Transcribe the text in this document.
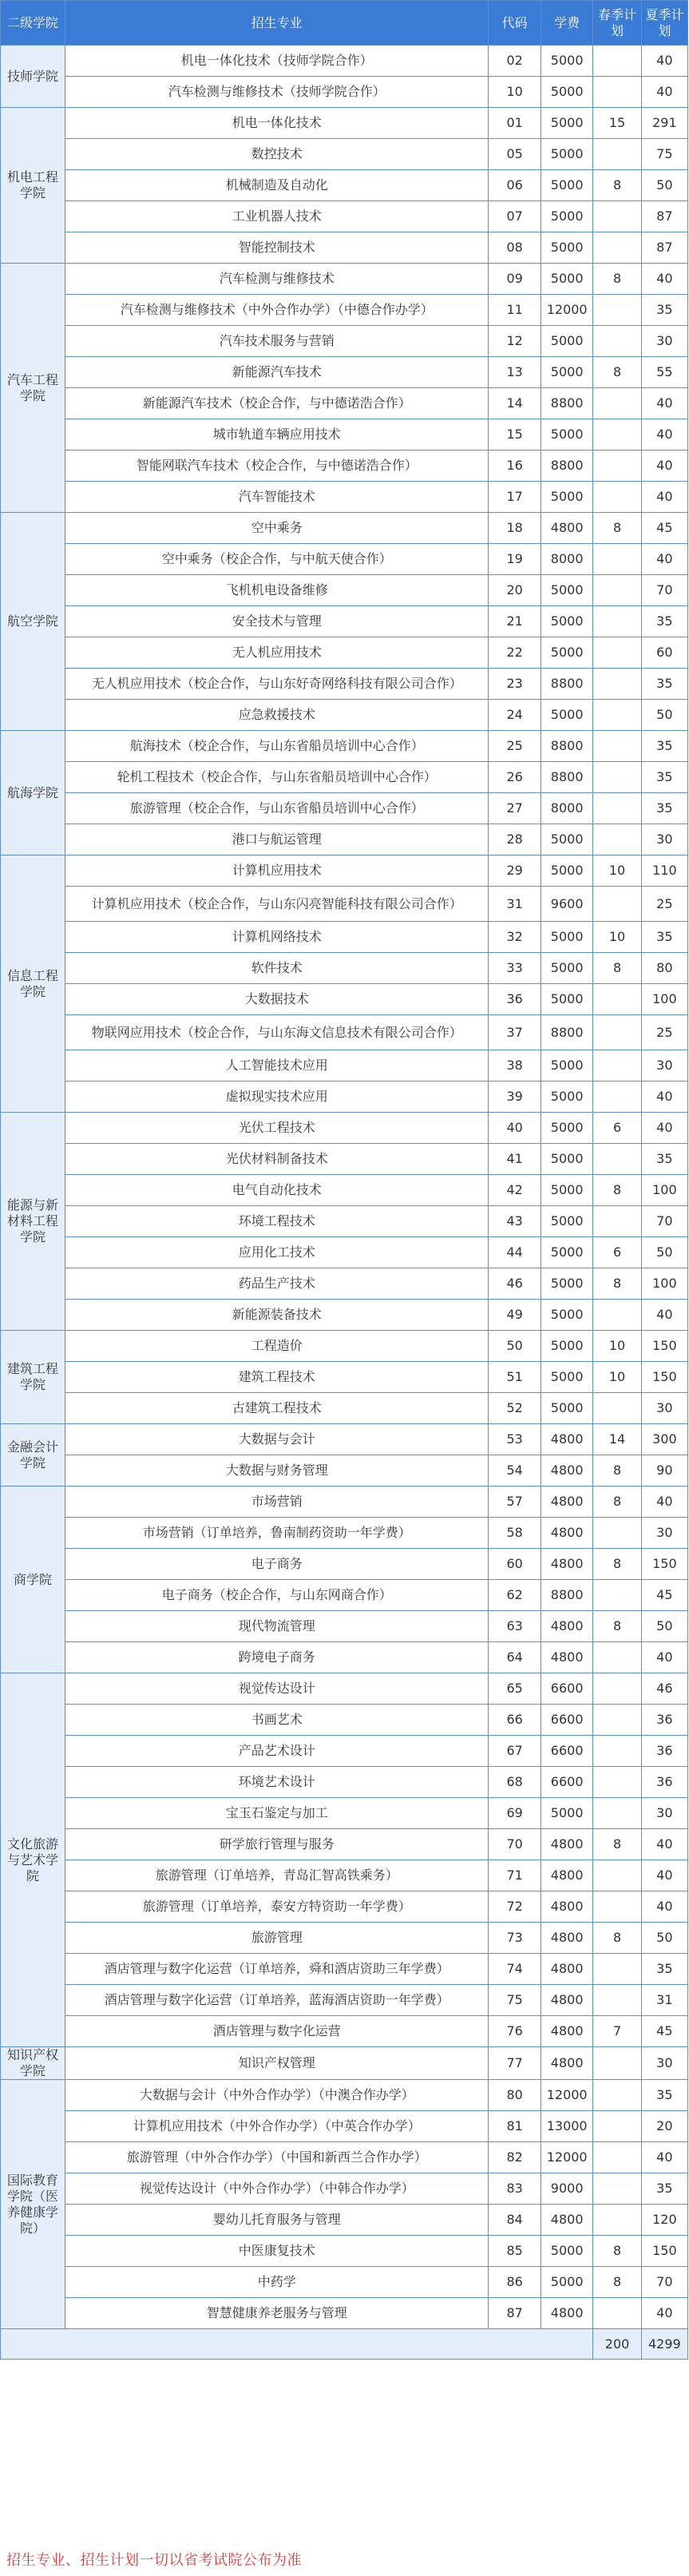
二级学院	招生专业	代码	学费	春季计划	夏季计划
技师学院	机电一体化技术（技师学院合作）	02	5000		40
	汽车检测与维修技术（技师学院合作）	10	5000		40
机电工程学院	机电一体化技术	01	5000	15	291
	数控技术	05	5000		75
	机械制造及自动化	06	5000	8	50
	工业机器人技术	07	5000		87
	智能控制技术	08	5000		87
汽车工程学院	汽车检测与维修技术	09	5000	8	40
	汽车检测与维修技术（中外合作办学）（中德合作办学）	11	12000		35
	汽车技术服务与营销	12	5000		30
	新能源汽车技术	13	5000	8	55
	新能源汽车技术（校企合作，与中德诺浩合作）	14	8800		40
	城市轨道车辆应用技术	15	5000		40
	智能网联汽车技术（校企合作，与中德诺浩合作）	16	8800		40
	汽车智能技术	17	5000		40
航空学院	空中乘务	18	4800	8	45
	空中乘务（校企合作，与中航天使合作）	19	8000		40
	飞机机电设备维修	20	5000		70
	安全技术与管理	21	5000		35
	无人机应用技术	22	5000		60
	无人机应用技术（校企合作，与山东好奇网络科技有限公司合作）	23	8800		35
	应急救援技术	24	5000		50
航海学院	航海技术（校企合作，与山东省船员培训中心合作）	25	8800		35
	轮机工程技术（校企合作，与山东省船员培训中心合作）	26	8800		35
	旅游管理（校企合作，与山东省船员培训中心合作）	27	8000		35
	港口与航运管理	28	5000		30
信息工程学院	计算机应用技术	29	5000	10	110
	计算机应用技术（校企合作，与山东闪亮智能科技有限公司合作）	31	9600		25
	计算机网络技术	32	5000	10	35
	软件技术	33	5000	8	80
	大数据技术	36	5000		100
	物联网应用技术（校企合作，与山东海文信息技术有限公司合作）	37	8800		25
	人工智能技术应用	38	5000		30
	虚拟现实技术应用	39	5000		40
能源与新材料工程学院	光伏工程技术	40	5000	6	40
	光伏材料制备技术	41	5000		35
	电气自动化技术	42	5000	8	100
	环境工程技术	43	5000		70
	应用化工技术	44	5000	6	50
	药品生产技术	46	5000	8	100
	新能源装备技术	49	5000		40
建筑工程学院	工程造价	50	5000	10	150
	建筑工程技术	51	5000	10	150
	古建筑工程技术	52	5000		30
金融会计学院	大数据与会计	53	4800	14	300
	大数据与财务管理	54	4800	8	90
商学院	市场营销	57	4800	8	40
	市场营销（订单培养，鲁南制药资助一年学费）	58	4800		30
	电子商务	60	4800	8	150
	电子商务（校企合作，与山东网商合作）	62	8800		45
	现代物流管理	63	4800	8	50
	跨境电子商务	64	4800		40
文化旅游与艺术学院	视觉传达设计	65	6600		46
	书画艺术	66	6600		36
	产品艺术设计	67	6600		36
	环境艺术设计	68	6600		36
	宝玉石鉴定与加工	69	5000		30
	研学旅行管理与服务	70	4800	8	40
	旅游管理（订单培养，青岛汇智高铁乘务）	71	4800		40
	旅游管理（订单培养，泰安方特资助一年学费）	72	4800		40
	旅游管理	73	4800	8	50
	酒店管理与数字化运营（订单培养，舜和酒店资助三年学费）	74	4800		35
	酒店管理与数字化运营（订单培养，蓝海酒店资助一年学费）	75	4800		31
	酒店管理与数字化运营	76	4800	7	45
知识产权学院	知识产权管理	77	4800		30
国际教育学院（医养健康学院）	大数据与会计（中外合作办学）（中澳合作办学）	80	12000		35
	计算机应用技术（中外合作办学）（中英合作办学）	81	13000		20
	旅游管理（中外合作办学）（中国和新西兰合作办学）	82	12000		40
	视觉传达设计（中外合作办学）（中韩合作办学）	83	9000		35
	婴幼儿托育服务与管理	84	4800		120
	中医康复技术	85	5000	8	150
	中药学	86	5000	8	70
	智慧健康养老服务与管理	87	4800		40
				200	4299
招生专业、招生计划一切以省考试院公布为准
